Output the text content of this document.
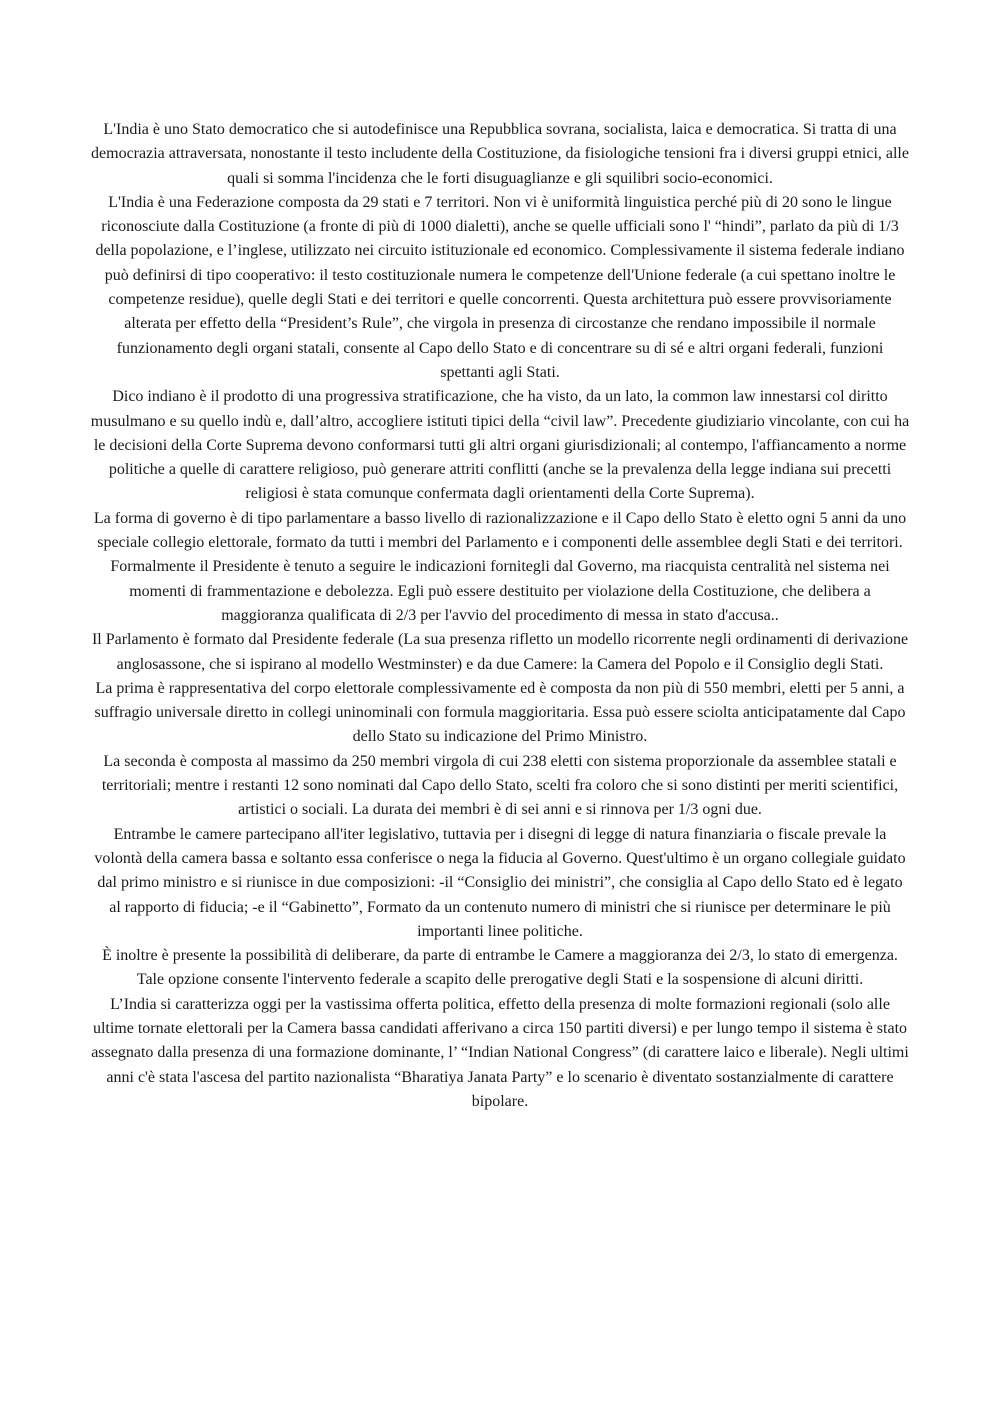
L'India è uno Stato democratico che si autodefinisce una Repubblica sovrana, socialista, laica e democratica. Si tratta di una democrazia attraversata, nonostante il testo includente della Costituzione, da fisiologiche tensioni fra i diversi gruppi etnici, alle quali si somma l'incidenza che le forti disuguaglianze e gli squilibri socio-economici.

L'India è una Federazione composta da 29 stati e 7 territori. Non vi è uniformità linguistica perché più di 20 sono le lingue riconosciute dalla Costituzione (a fronte di più di 1000 dialetti), anche se quelle ufficiali sono l' “hindi”, parlato da più di 1/3 della popolazione, e l’inglese, utilizzato nei circuito istituzionale ed economico. Complessivamente il sistema federale indiano può definirsi di tipo cooperativo: il testo costituzionale numera le competenze dell'Unione federale (a cui spettano inoltre le competenze residue), quelle degli Stati e dei territori e quelle concorrenti. Questa architettura può essere provvisoriamente alterata per effetto della “President’s Rule”, che virgola in presenza di circostanze che rendano impossibile il normale funzionamento degli organi statali, consente al Capo dello Stato e di concentrare su di sé e altri organi federali, funzioni spettanti agli Stati.

Dico indiano è il prodotto di una progressiva stratificazione, che ha visto, da un lato, la common law innestarsi col diritto musulmano e su quello indù e, dall’altro, accogliere istituti tipici della “civil law”. Precedente giudiziario vincolante, con cui ha le decisioni della Corte Suprema devono conformarsi tutti gli altri organi giurisdizionali; al contempo, l'affiancamento a norme politiche a quelle di carattere religioso, può generare attriti conflitti (anche se la prevalenza della legge indiana sui precetti religiosi è stata comunque confermata dagli orientamenti della Corte Suprema).

La forma di governo è di tipo parlamentare a basso livello di razionalizzazione e il Capo dello Stato è eletto ogni 5 anni da uno speciale collegio elettorale, formato da tutti i membri del Parlamento e i componenti delle assemblee degli Stati e dei territori. Formalmente il Presidente è tenuto a seguire le indicazioni fornitegli dal Governo, ma riacquista centralità nel sistema nei momenti di frammentazione e debolezza. Egli può essere destituito per violazione della Costituzione, che delibera a maggioranza qualificata di 2/3 per l'avvio del procedimento di messa in stato d'accusa..

Il Parlamento è formato dal Presidente federale (La sua presenza rifletto un modello ricorrente negli ordinamenti di derivazione anglosassone, che si ispirano al modello Westminster) e da due Camere: la Camera del Popolo e il Consiglio degli Stati.

La prima è rappresentativa del corpo elettorale complessivamente ed è composta da non più di 550 membri, eletti per 5 anni, a suffragio universale diretto in collegi uninominali con formula maggioritaria. Essa può essere sciolta anticipatamente dal Capo dello Stato su indicazione del Primo Ministro.

La seconda è composta al massimo da 250 membri virgola di cui 238 eletti con sistema proporzionale da assemblee statali e territoriali; mentre i restanti 12 sono nominati dal Capo dello Stato, scelti fra coloro che si sono distinti per meriti scientifici, artistici o sociali. La durata dei membri è di sei anni e si rinnova per 1/3 ogni due.

Entrambe le camere partecipano all'iter legislativo, tuttavia per i disegni di legge di natura finanziaria o fiscale prevale la volontà della camera bassa e soltanto essa conferisce o nega la fiducia al Governo. Quest'ultimo è un organo collegiale guidato dal primo ministro e si riunisce in due composizioni: -il “Consiglio dei ministri”, che consiglia al Capo dello Stato ed è legato al rapporto di fiducia; -e il “Gabinetto”, Formato da un contenuto numero di ministri che si riunisce per determinare le più importanti linee politiche.

È inoltre è presente la possibilità di deliberare, da parte di entrambe le Camere a maggioranza dei 2/3, lo stato di emergenza. Tale opzione consente l'intervento federale a scapito delle prerogative degli Stati e la sospensione di alcuni diritti.

L’India si caratterizza oggi per la vastissima offerta politica, effetto della presenza di molte formazioni regionali (solo alle ultime tornate elettorali per la Camera bassa candidati afferivano a circa 150 partiti diversi) e per lungo tempo il sistema è stato assegnato dalla presenza di una formazione dominante, l’ “Indian National Congress” (di carattere laico e liberale). Negli ultimi anni c'è stata l'ascesa del partito nazionalista “Bharatiya Janata Party” e lo scenario è diventato sostanzialmente di carattere bipolare.
